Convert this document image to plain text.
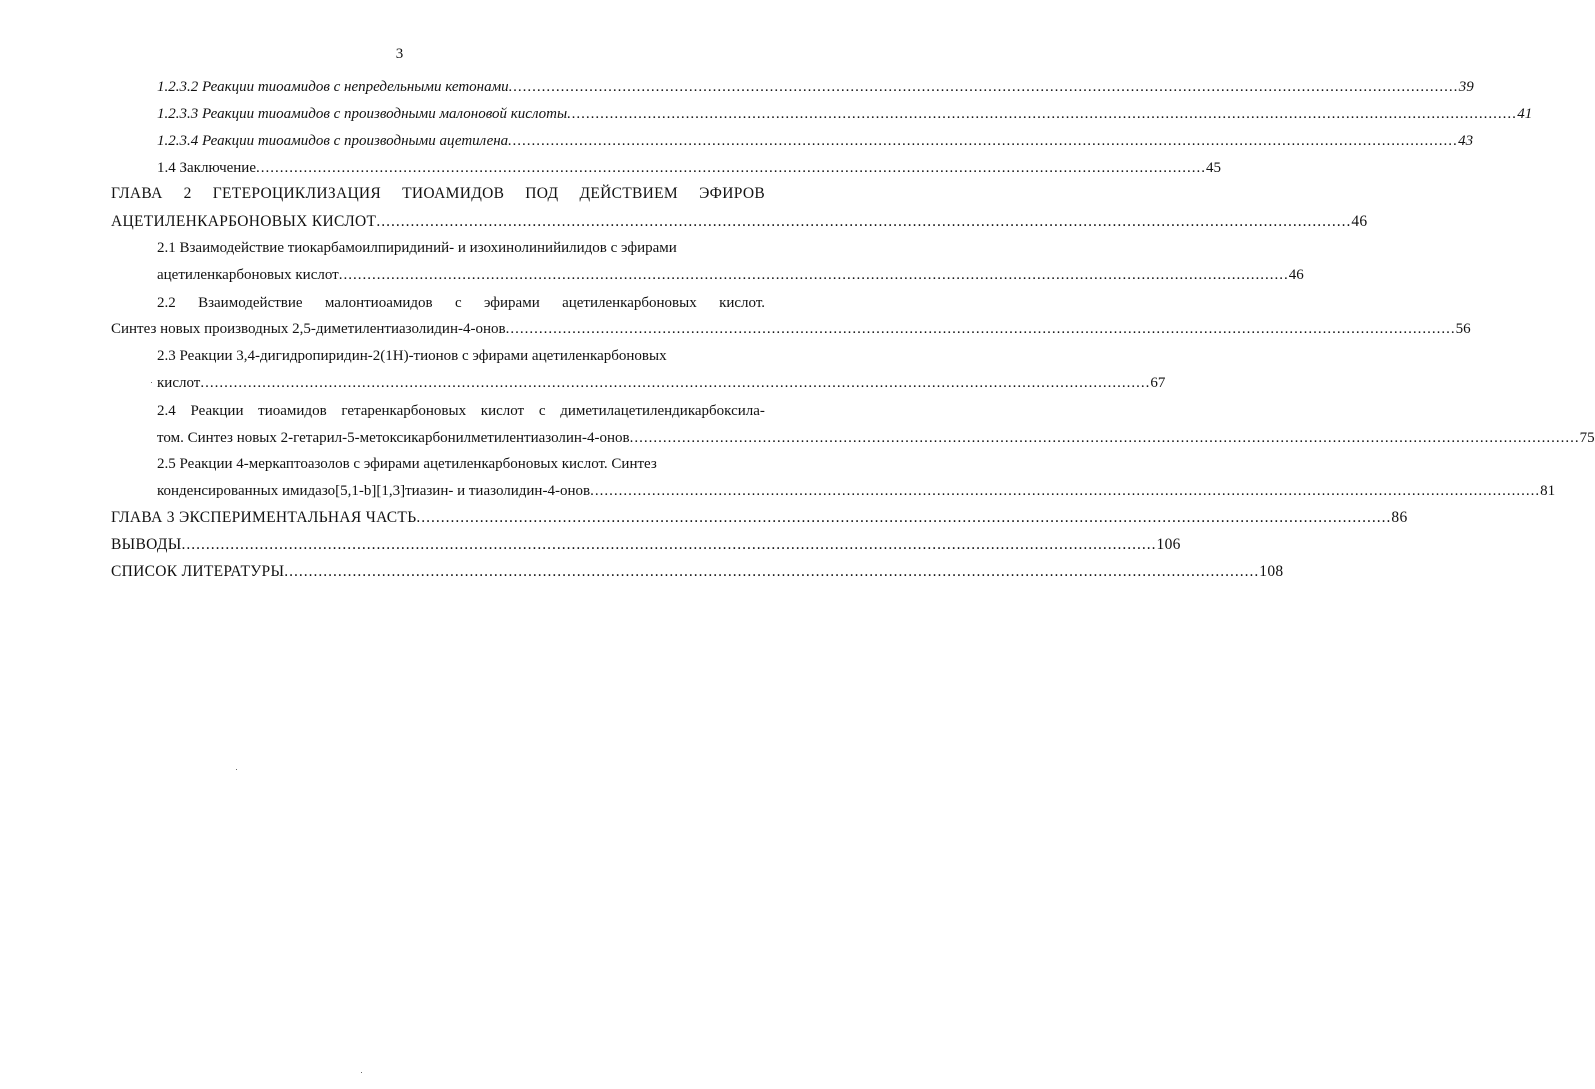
3
1.2.3.2 Реакции тиоамидов с непредельными кетонами ........................................................................................................................................................................................................ 39
1.2.3.3 Реакции тиоамидов с производными малоновой кислоты ........................................................................................................................................................................................................ 41
1.2.3.4 Реакции тиоамидов с производными ацетилена ........................................................................................................................................................................................................ 43
1.4 Заключение ........................................................................................................................................................................................................ 45
ГЛАВА 2 ГЕТЕРОЦИКЛИЗАЦИЯ ТИОАМИДОВ ПОД ДЕЙСТВИЕМ ЭФИРОВ
АЦЕТИЛЕНКАРБОНОВЫХ КИСЛОТ ........................................................................................................................................................................................................ 46
2.1 Взаимодействие тиокарбамоилпиридиний- и изохинолинийилидов с эфирами
ацетиленкарбоновых кислот ........................................................................................................................................................................................................ 46
2.2 Взаимодействие малонтиоамидов с эфирами ацетиленкарбоновых кислот.
Синтез новых производных 2,5-диметилентиазолидин-4-онов ........................................................................................................................................................................................................ 56
2.3 Реакции 3,4-дигидропиридин-2(1Н)-тионов с эфирами ацетиленкарбоновых
кислот ........................................................................................................................................................................................................ 67
2.4 Реакции тиоамидов гетаренкарбоновых кислот с диметилацетилендикарбоксила-
том. Синтез новых 2-гетарил-5-метоксикарбонилметилентиазолин-4-онов ........................................................................................................................................................................................................ 75
2.5 Реакции 4-меркаптоазолов с эфирами ацетиленкарбоновых кислот. Синтез
конденсированных имидазо[5,1-b][1,3]тиазин- и тиазолидин-4-онов ........................................................................................................................................................................................................ 81
ГЛАВА 3 ЭКСПЕРИМЕНТАЛЬНАЯ ЧАСТЬ ........................................................................................................................................................................................................ 86
ВЫВОДЫ ........................................................................................................................................................................................................ 106
СПИСОК ЛИТЕРАТУРЫ ........................................................................................................................................................................................................ 108
